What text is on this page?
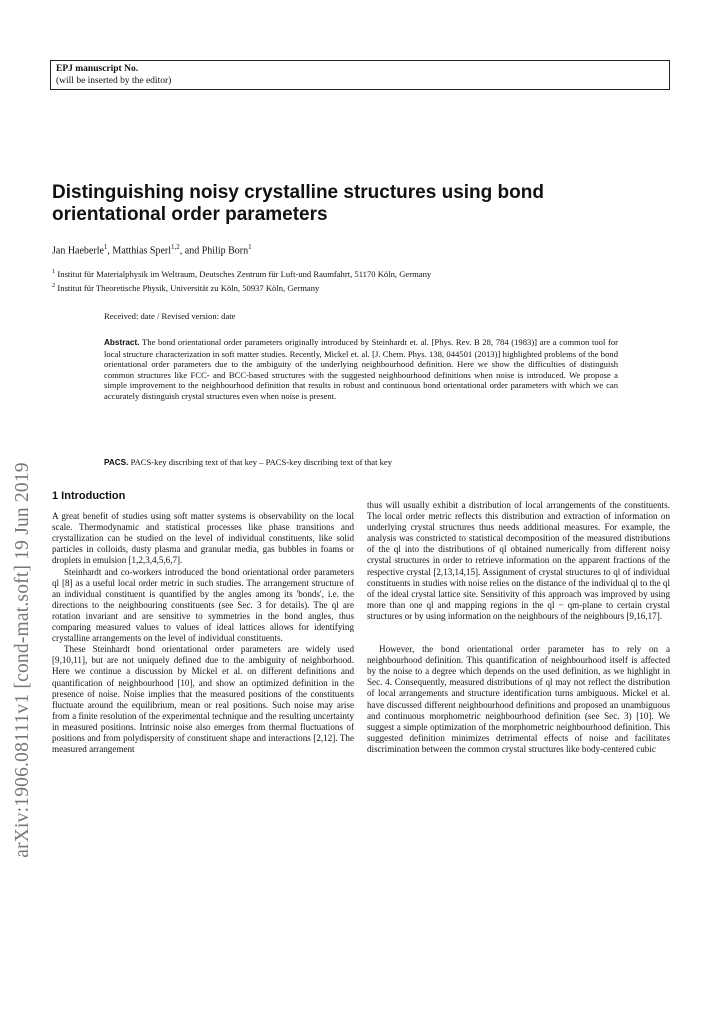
EPJ manuscript No.
(will be inserted by the editor)
arXiv:1906.08111v1 [cond-mat.soft] 19 Jun 2019
Distinguishing noisy crystalline structures using bond
orientational order parameters
Jan Haeberle$^1$, Matthias Sperl$^{1,2}$, and Philip Born$^1$
$^1$ Institut für Materialphysik im Weltraum, Deutsches Zentrum für Luft-und Raumfahrt, 51170 Köln, Germany
$^2$ Institut für Theoretische Physik, Universität zu Köln, 50937 Köln, Germany
Received: date / Revised version: date
Abstract. The bond orientational order parameters originally introduced by Steinhardt et. al. [Phys. Rev. B 28, 784 (1983)] are a common tool for local structure characterization in soft matter studies. Recently, Mickel et. al. [J. Chem. Phys. 138, 044501 (2013)] highlighted problems of the bond orientational order parameters due to the ambiguity of the underlying neighbourhood definition. Here we show the difficulties of distinguish common structures like FCC- and BCC-based structures with the suggested neighbourhood definitions when noise is introduced. We propose a simple improvement to the neighbourhood definition that results in robust and continuous bond orientational order parameters with which we can accurately distinguish crystal structures even when noise is present.
PACS. PACS-key discribing text of that key – PACS-key discribing text of that key
1 Introduction

A great benefit of studies using soft matter systems is observability on the local scale. Thermodynamic and statistical processes like phase transitions and crystallization can be studied on the level of individual constituents, like solid particles in colloids, dusty plasma and granular media, gas bubbles in foams or droplets in emulsion [1,2,3,4,5,6,7].

Steinhardt and co-workers introduced the bond orientational order parameters ql [8] as a useful local order metric in such studies. The arrangement structure of an individual constituent is quantified by the angles among its 'bonds', i.e. the directions to the neighbouring constituents (see Sec. 3 for details). The ql are rotation invariant and are sensitive to symmetries in the bond angles, thus comparing measured values to values of ideal lattices allows for identifying crystalline arrangements on the level of individual constituents.

These Steinhardt bond orientational order parameters are widely used [9,10,11], but are not uniquely defined due to the ambiguity of neighborhood. Here we continue a discussion by Mickel et al. on different definitions and quantification of neighbourhood [10], and show an optimized definition in the presence of noise. Noise implies that the measured positions of the constituents fluctuate around the equilibrium, mean or real positions. Such noise may arise from a finite resolution of the experimental technique and the resulting uncertainty in measured positions. Intrinsic noise also emerges from thermal fluctuations of positions and from polydispersity of constituent shape and interactions [2,12]. The measured arrangement

thus will usually exhibit a distribution of local arrangements of the constituents. The local order metric reflects this distribution and extraction of information on underlying crystal structures thus needs additional measures. For example, the analysis was constricted to statistical decomposition of the measured distributions of the ql into the distributions of ql obtained numerically from different noisy crystal structures in order to retrieve information on the apparent fractions of the respective crystal [2,13,14,15]. Assignment of crystal structures to ql of individual constituents in studies with noise relies on the distance of the individual ql to the ql of the ideal crystal lattice site. Sensitivity of this approach was improved by using more than one ql and mapping regions in the ql − qm-plane to certain crystal structures or by using information on the neighbours of the neighbours [9,16,17].

However, the bond orientational order parameter has to rely on a neighbourhood definition. This quantification of neighbourhood itself is affected by the noise to a degree which depends on the used definition, as we highlight in Sec. 4. Consequently, measured distributions of ql may not reflect the distribution of local arrangements and structure identification turns ambiguous. Mickel et al. have discussed different neighbourhood definitions and proposed an unambiguous and continuous morphometric neighbourhood definition (see Sec. 3) [10]. We suggest a simple optimization of the morphometric neighbourhood definition. This suggested definition minimizes detrimental effects of noise and facilitates discrimination between the common crystal structures like body-centered cubic
